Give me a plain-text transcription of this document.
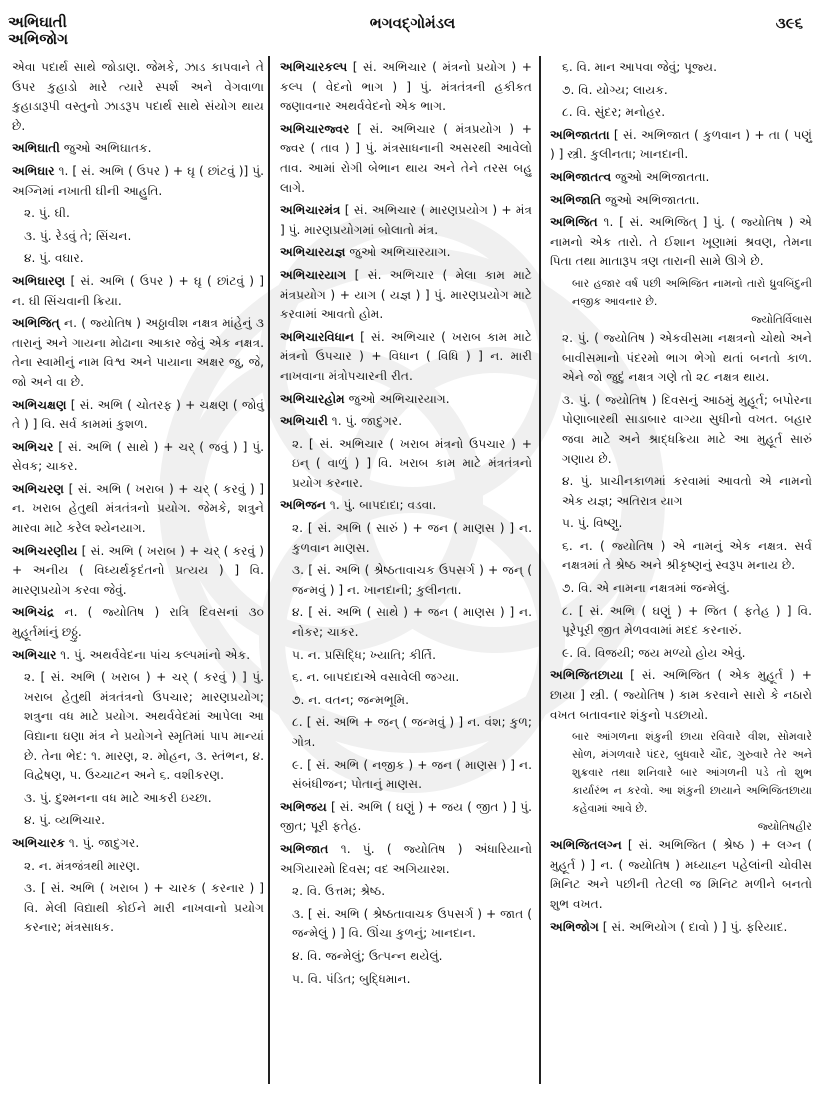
અભિઘાતી
અભિજોગ
ભગવદ્ગોમંડલ	૩૯૬
એવા પદાર્થ સાથે જોડાણ. જેમકે, ઝાડ કાપવાને તે ઉપર કુહાડો મારે ત્યારે સ્પર્શ અને વેગવાળા કુહાડારૂપી વસ્તુનો ઝાડરૂપ પદાર્થ સાથે સંયોગ થાય છે.
અભિઘાતી જુઓ અભિઘાતક.
અભિઘાર ૧. [ સં. અભિ ( ઉપર ) + ઘૃ ( છાંટવું )] પું. અગ્નિમાં નખાતી ઘીની આહુતિ.
૨. પું. ઘી.
૩. પું. રેડવું તે; સિંચન.
૪. પું. વઘાર.
અભિઘારણ [ સં. અભિ ( ઉપર ) + ઘૃ ( છાંટવું ) ] ન. ઘી સિંચવાની ક્રિયા.
અભિજિત્ ન. ( જ્યોતિષ ) અઠ્ઠાવીશ નક્ષત્ર માંહેનું ૩ તારાનું અને ગાયના મોઢાના આકાર જેવું એક નક્ષત્ર. તેના સ્વામીનું નામ વિશ્વ અને પાયાના અક્ષર જુ, જે, જો અને વા છે.
અભિચક્ષણ [ સં. અભિ ( ચોતરફ ) + ચક્ષણ ( જોવું તે ) ] વિ. સર્વ કામમાં કુશળ.
અભિચર [ સં. અભિ ( સાથે ) + ચર્ ( જવું ) ] પું. સેવક; ચાકર.
અભિચરણ [ સં. અભિ ( ખરાબ ) + ચર્ ( કરવું ) ] ન. ખરાબ હેતુથી મંત્રતંત્રનો પ્રયોગ. જેમકે, શત્રુને મારવા માટે કરેલ શ્યેનયાગ.
અભિચરણીય [ સં. અભિ ( ખરાબ ) + ચર્ ( કરવું ) + અનીય ( વિધ્યર્થકૃદંતનો પ્રત્યય ) ] વિ. મારણપ્રયોગ કરવા જેવું.
અભિચંદ્ર ન. ( જ્યોતિષ ) રાત્રિ દિવસનાં ૩૦ મુહૂર્તમાંનું છઠ્ઠું.
અભિચાર ૧. પું. અથર્વવેદના પાંચ કલ્પમાંનો એક.
૨. [ સં. અભિ ( ખરાબ ) + ચર્ ( કરવું ) ] પું. ખરાબ હેતુથી મંત્રતંત્રનો ઉપચાર; મારણપ્રયોગ; શત્રુના વધ માટે પ્રયોગ. અથર્વવેદમાં આપેલા આ વિદ્યાના ઘણા મંત્ર ને પ્રયોગને સ્મૃતિમાં પાપ માન્યાં છે. તેના ભેદ: ૧. મારણ, ૨. મોહન, ૩. સ્તંભન, ૪. વિદ્વેષણ, ૫. ઉચ્ચાટન અને ૬. વશીકરણ.
૩. પું. દુશ્મનના વધ માટે આકરી ઇચ્છા.
૪. પું. વ્યભિચાર.
અભિચારક ૧. પું. જાદુગર.
૨. ન. મંત્રજંત્રથી મારણ.
૩. [ સં. અભિ ( ખરાબ ) + ચારક ( કરનાર ) ] વિ. મેલી વિદ્યાથી કોઈને મારી નાખવાનો પ્રયોગ કરનાર; મંત્રસાધક.
અભિચારકલ્પ [ સં. અભિચાર ( મંત્રનો પ્રયોગ ) + કલ્પ ( વેદનો ભાગ ) ] પું. મંત્રતંત્રની હકીકત જણાવનાર અથર્વવેદનો એક ભાગ.
અભિચારજ્વર [ સં. અભિચાર ( મંત્રપ્રયોગ ) + જ્વર ( તાવ ) ] પું. મંત્રસાધનાની અસરથી આવેલો તાવ. આમાં રોગી બેભાન થાય અને તેને તરસ બહુ લાગે.
અભિચારમંત્ર [ સં. અભિચાર ( મારણપ્રયોગ ) + મંત્ર ] પું. મારણપ્રયોગમાં બોલાતો મંત્ર.
અભિચારયજ્ઞ જુઓ અભિચારયાગ.
અભિચારયાગ [ સં. અભિચાર ( મેલા કામ માટે મંત્રપ્રયોગ ) + યાગ ( યજ્ઞ ) ] પું. મારણપ્રયોગ માટે કરવામાં આવતો હોમ.
અભિચારવિધાન [ સં. અભિચાર ( ખરાબ કામ માટે મંત્રનો ઉપચાર ) + વિધાન ( વિધિ ) ] ન. મારી નાખવાના મંત્રોપચારની રીત.
અભિચારહોમ જુઓ અભિચારયાગ.
અભિચારી ૧. પું. જાદુગર.
૨. [ સં. અભિચાર ( ખરાબ મંત્રનો ઉપચાર ) + ઇન્ ( વાળું ) ] વિ. ખરાબ કામ માટે મંત્રતંત્રનો પ્રયોગ કરનાર.
અભિજન ૧. પું. બાપદાદા; વડવા.
૨. [ સં. અભિ ( સારું ) + જન ( માણસ ) ] ન. કુળવાન માણસ.
૩. [ સં. અભિ ( શ્રેષ્ઠતાવાચક ઉપસર્ગ ) + જન્ ( જન્મવું ) ] ન. ખાનદાની; કુલીનતા.
૪. [ સં. અભિ ( સાથે ) + જન ( માણસ ) ] ન. નોકર; ચાકર.
૫. ન. પ્રસિદ્ધિ; ખ્યાતિ; કીર્તિ.
૬. ન. બાપદાદાએ વસાવેલી જગ્યા.
૭. ન. વતન; જન્મભૂમિ.
૮. [ સં. અભિ + જન્ ( જન્મવું ) ] ન. વંશ; કુળ; ગોત્ર.
૯. [ સં. અભિ ( નજીક ) + જન ( માણસ ) ] ન. સંબંધીજન; પોતાનું માણસ.
અભિજય [ સં. અભિ ( ઘણું ) + જય ( જીત ) ] પું. જીત; પૂરી ફતેહ.
અભિજાત ૧. પું. ( જ્યોતિષ ) અંધારિયાનો અગિયારમો દિવસ; વદ અગિયારશ.
૨. વિ. ઉત્તમ; શ્રેષ્ઠ.
૩. [ સં. અભિ ( શ્રેષ્ઠતાવાચક ઉપસર્ગ ) + જાત ( જન્મેલું ) ] વિ. ઊંચા કુળનું; ખાનદાન.
૪. વિ. જન્મેલું; ઉત્પન્ન થયેલું.
૫. વિ. પંડિત; બુદ્ધિમાન.
૬. વિ. માન આપવા જેવું; પૂજ્ય.
૭. વિ. યોગ્ય; લાયક.
૮. વિ. સુંદર; મનોહર.
અભિજાતતા [ સં. અભિજાત ( કુળવાન ) + તા ( પણું ) ] સ્ત્રી. કુલીનતા; ખાનદાની.
અભિજાતત્વ જુઓ અભિજાતતા.
અભિજાતિ જુઓ અભિજાતતા.
અભિજિત ૧. [ સં. અભિજિત્ ] પું. ( જ્યોતિષ ) એ નામનો એક તારો. તે ઈશાન ખૂણામાં શ્રવણ, તેમના પિતા તથા માતારૂપ ત્રણ તારાની સામે ઊગે છે.
બાર હજાર વર્ષ પછી અભિજિત નામનો તારો ધ્રુવબિંદુની નજીક આવનાર છે.
જ્યોતિર્વિલાસ
૨. પું. ( જ્યોતિષ ) એકવીસમા નક્ષત્રનો ચોથો અને બાવીસમાનો પંદરમો ભાગ ભેગો થતાં બનતો કાળ. એને જો જુદું નક્ષત્ર ગણે તો ૨૮ નક્ષત્ર થાય.
૩. પું. ( જ્યોતિષ ) દિવસનું આઠમું મુહૂર્ત; બપોરના પોણાબારથી સાડાબાર વાગ્યા સુધીનો વખત. બહાર જવા માટે અને શ્રાદ્ધક્રિયા માટે આ મુહૂર્ત સારું ગણાય છે.
૪. પું. પ્રાચીનકાળમાં કરવામાં આવતો એ નામનો એક યજ્ઞ; અતિરાત્ર યાગ
૫. પું. વિષ્ણુ.
૬. ન. ( જ્યોતિષ ) એ નામનું એક નક્ષત્ર. સર્વ નક્ષત્રમાં તે શ્રેષ્ઠ અને શ્રીકૃષ્ણનું સ્વરૂપ મનાય છે.
૭. વિ. એ નામના નક્ષત્રમાં જન્મેલું.
૮. [ સં. અભિ ( ઘણું ) + જિત ( ફતેહ ) ] વિ. પૂરેપૂરી જીત મેળવવામાં મદદ કરનારું.
૯. વિ. વિજયી; જય મળ્યો હોય એવું.
અભિજિતછાયા [ સં. અભિજિત ( એક મુહૂર્ત ) + છાયા ] સ્ત્રી. ( જ્યોતિષ ) કામ કરવાને સારો કે નઠારો વખત બતાવનાર શંકુનો પડછાયો.
બાર આંગળના શંકુની છાયા રવિવારે વીશ, સોમવારે સોળ, મંગળવારે પંદર, બુધવારે ચૌદ, ગુરુવારે તેર અને શુક્રવાર તથા શનિવારે બાર આંગળની પડે તો શુભ કાર્યારંભ ન કરવો. આ શંકુની છાયાને અભિજિતછાયા કહેવામાં આવે છે.
જ્યોતિષહીર
અભિજિતલગ્ન [ સં. અભિજિત ( શ્રેષ્ઠ ) + લગ્ન ( મુહૂર્ત ) ] ન. ( જ્યોતિષ ) મધ્યાહ્ન પહેલાંની ચોવીસ મિનિટ અને પછીની તેટલી જ મિનિટ મળીને બનતો શુભ વખત.
અભિજોગ [ સં. અભિયોગ ( દાવો ) ] પું. ફરિયાદ.
